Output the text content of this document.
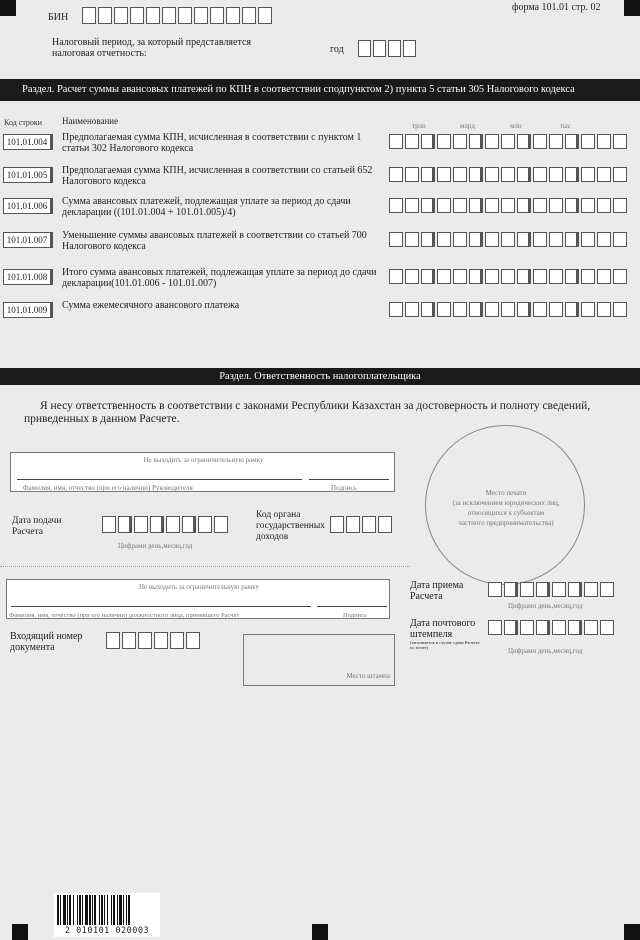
БИН
форма 101.01 стр. 02
Налоговый период, за который представляется налоговая отчетность:	год
Раздел. Расчет суммы авансовых платежей по КПН в соответствии сподпунктом 2) пункта 5 статьи 305 Налогового кодекса
Код строки Наименование	трлн	млрд	млн	тыс
101.01.004	Предполагаемая сумма КПН, исчисленная в соответствии с пунктом 1 статьи 302 Налогового кодекса
101.01.005	Предполагаемая сумма КПН, исчисленная в соответствии со статьей 652 Налогового кодекса
101.01.006	Сумма авансовых платежей, подлежащая уплате за период до сдачи декларации ((101.01.004 + 101.01.005)/4)
101.01.007	Уменьшение суммы авансовых платежей в соответствии со статьей 700 Налогового кодекса
101.01.008	Итого сумма авансовых платежей, подлежащая уплате за период до сдачи декларации(101.01.006 - 101.01.007)
101.01.009	Сумма ежемесячного авансового платежа
Раздел. Ответственность налогоплательщика
Я несу ответственность в соответствии с законами Республики Казахстан за достоверность и полноту сведений, приведенных в данном Расчете.
Не выходить за ограничительную рамку
Фамилия, имя, отчество (при его наличии) Руководителя	Подпись
Место печати
(за исключением юридических лиц,
относящихся к субъектам
частного предпринимательства)
Дата подачи Расчета
Цифрами день,месяц,год
Код органа государственных доходов
Не выходить за ограничительную рамку
Фамилия, имя, отчество (при его наличии) должностного лица, принявшего Расчет	Подпись
Дата приема Расчета
Цифрами день,месяц,год
Дата почтового штемпеля
(заполняется в случае сдачи Расчета по почте)	Цифрами день,месяц,год
Входящий номер документа
Место штампа
2 010101 020003
